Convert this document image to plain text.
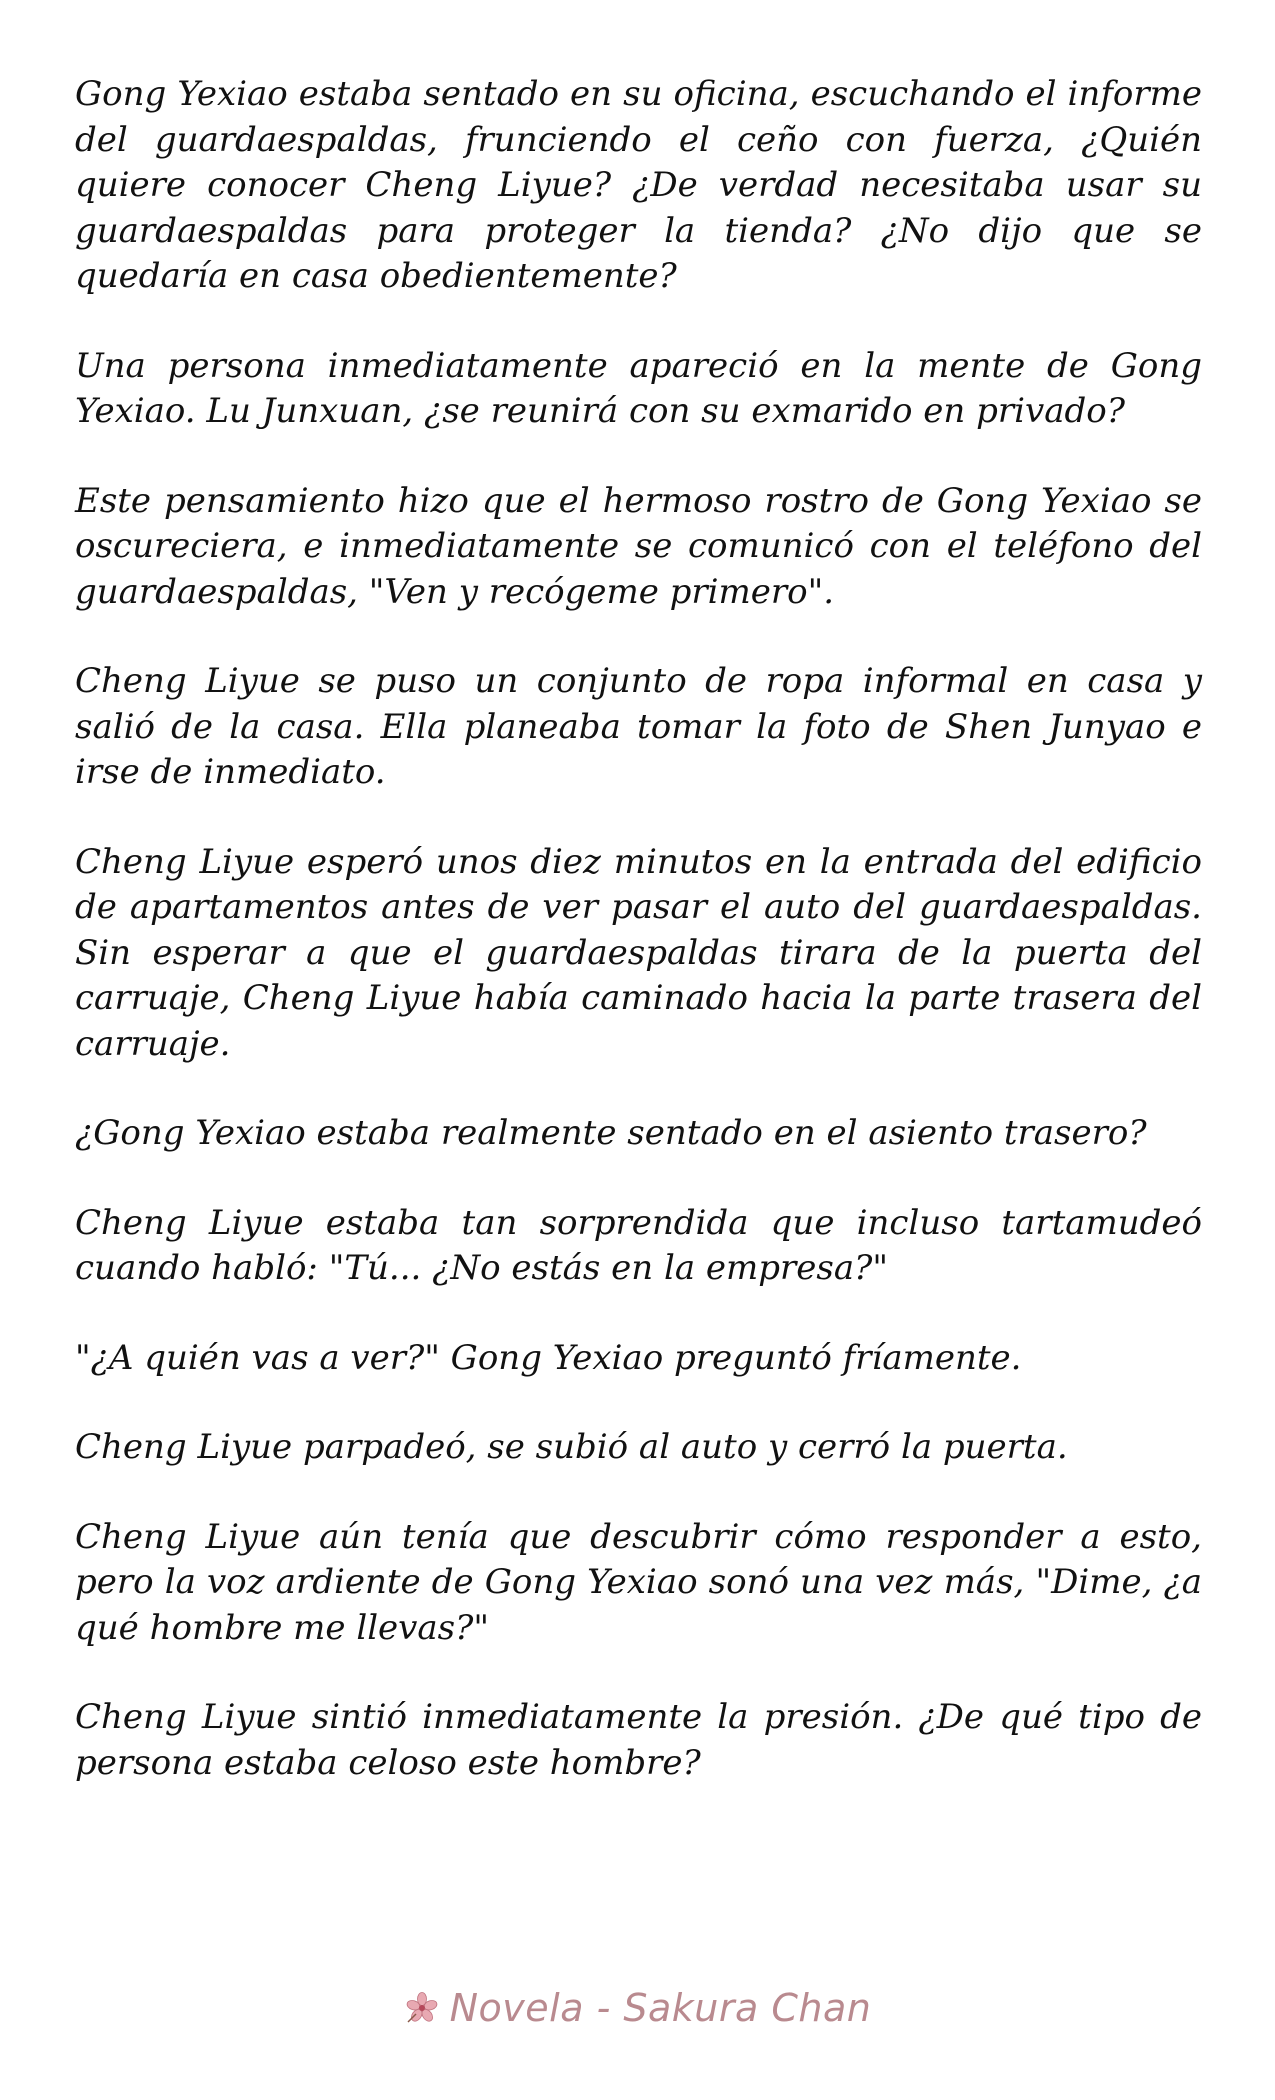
Gong Yexiao estaba sentado en su oficina, escuchando el informe del guardaespaldas, frunciendo el ceño con fuerza, ¿Quién quiere conocer Cheng Liyue? ¿De verdad necesitaba usar su guardaespaldas para proteger la tienda? ¿No dijo que se quedaría en casa obedientemente?

Una persona inmediatamente apareció en la mente de Gong Yexiao. Lu Junxuan, ¿se reunirá con su exmarido en privado?

Este pensamiento hizo que el hermoso rostro de Gong Yexiao se oscureciera, e inmediatamente se comunicó con el teléfono del guardaespaldas, "Ven y recógeme primero".

Cheng Liyue se puso un conjunto de ropa informal en casa y salió de la casa. Ella planeaba tomar la foto de Shen Junyao e irse de inmediato.

Cheng Liyue esperó unos diez minutos en la entrada del edificio de apartamentos antes de ver pasar el auto del guardaespaldas. Sin esperar a que el guardaespaldas tirara de la puerta del carruaje, Cheng Liyue había caminado hacia la parte trasera del carruaje.

¿Gong Yexiao estaba realmente sentado en el asiento trasero?

Cheng Liyue estaba tan sorprendida que incluso tartamudeó cuando habló: "Tú... ¿No estás en la empresa?"

"¿A quién vas a ver?" Gong Yexiao preguntó fríamente.

Cheng Liyue parpadeó, se subió al auto y cerró la puerta.

Cheng Liyue aún tenía que descubrir cómo responder a esto, pero la voz ardiente de Gong Yexiao sonó una vez más, "Dime, ¿a qué hombre me llevas?"

Cheng Liyue sintió inmediatamente la presión. ¿De qué tipo de persona estaba celoso este hombre?

Novela - Sakura Chan
